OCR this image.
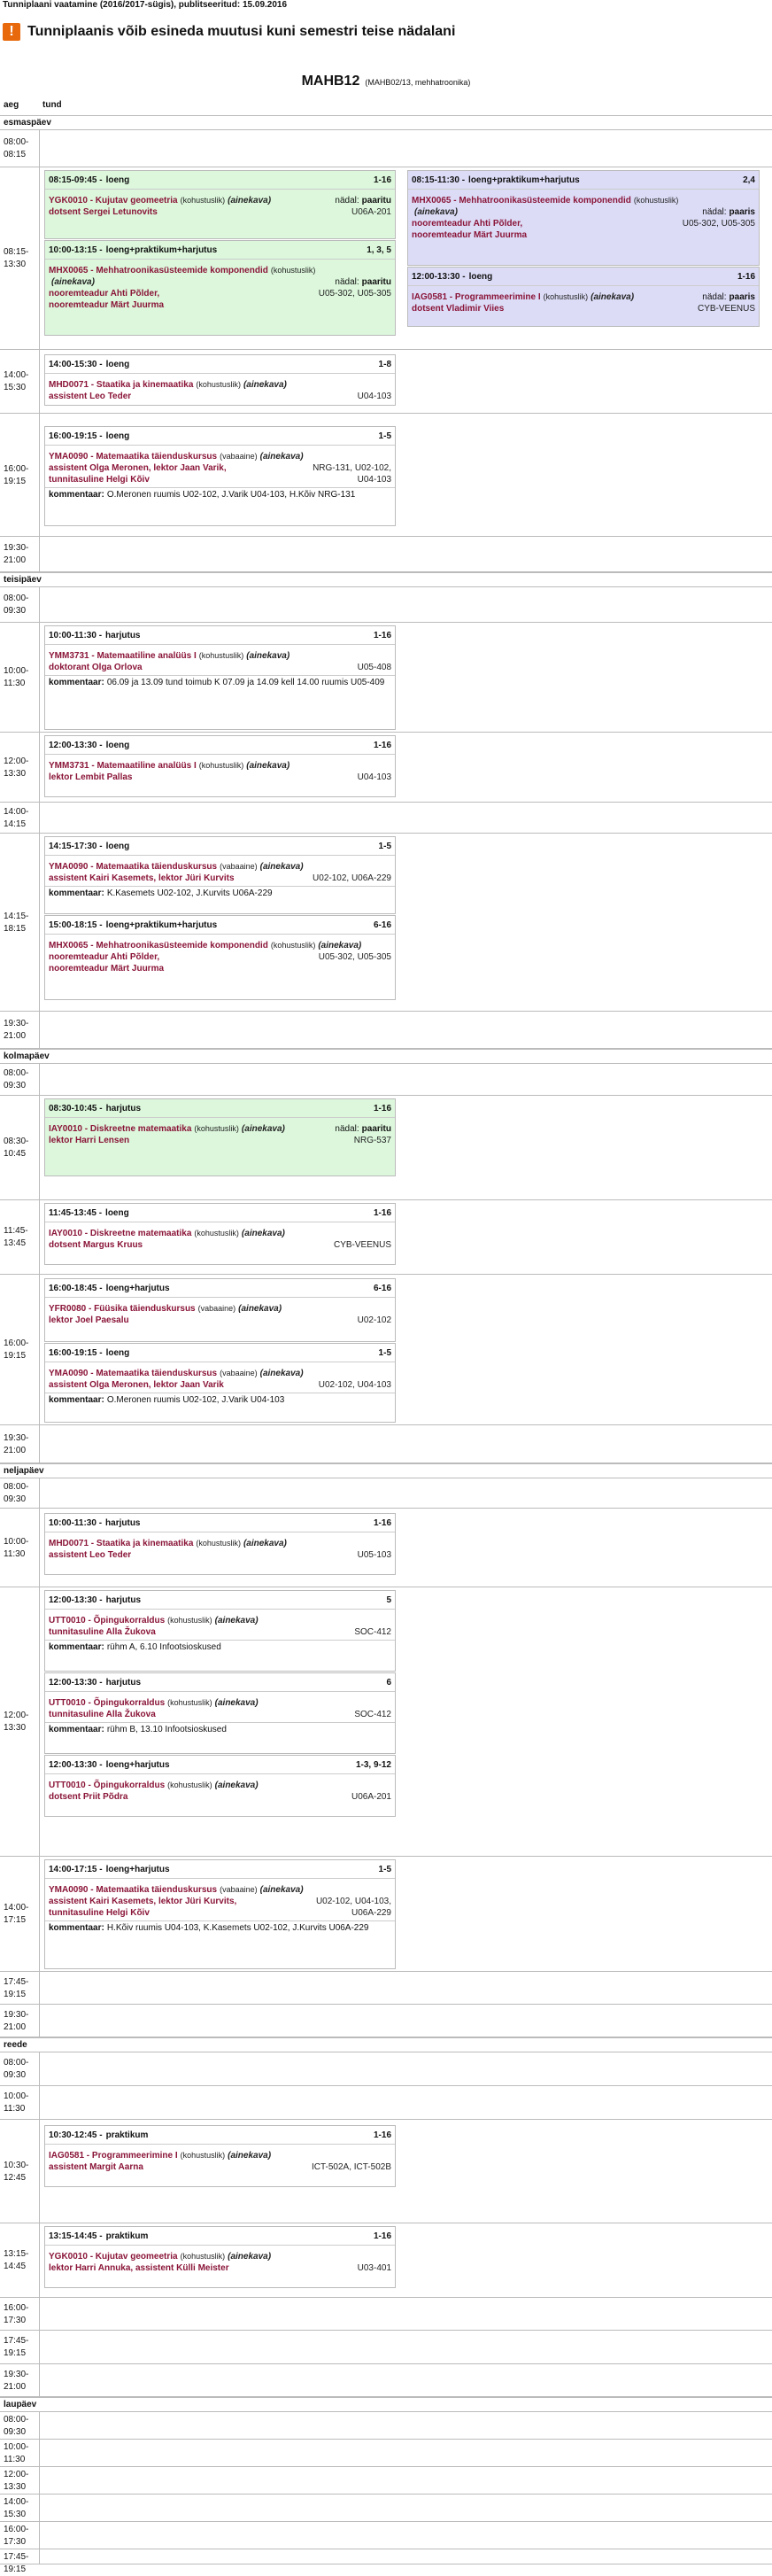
Tunniplaani vaatamine (2016/2017-sügis), publitseeritud: 15.09.2016
! Tunniplaanis võib esineda muutusi kuni semestri teise nädalani
MAHB12 (MAHB02/13, mehhatroonika)
aeg	tund
esmaspäev
08:00-
08:15
08:15-
13:30
08:15-09:45 - loeng	1-16
YGK0010 - Kujutav geomeetria (kohustuslik) (ainekava)	nädal: paaritu
dotsent Sergei Letunovits	U06A-201
10:00-13:15 - loeng+praktikum+harjutus	1, 3, 5
MHX0065 - Mehhatroonikasüsteemide komponendid (kohustuslik)(ainekava)	nädal: paaritu
nooremteadur Ahti Põlder,
nooremteadur Märt Juurma
U05-302, U05-305
08:15-11:30 - loeng+praktikum+harjutus	2,4
MHX0065 - Mehhatroonikasüsteemide komponendid (kohustuslik)(ainekava)	nädal: paaris
nooremteadur Ahti Põlder,
nooremteadur Märt Juurma
U05-302, U05-305
12:00-13:30 - loeng	1-16
IAG0581 - Programmeerimine I (kohustuslik) (ainekava)	nädal: paaris
dotsent Vladimir Viies	CYB-VEENUS
14:00-
15:30
14:00-15:30 - loeng	1-8
MHD0071 - Staatika ja kinemaatika (kohustuslik) (ainekava)
assistent Leo Teder	U04-103
16:00-
19:15
16:00-19:15 - loeng	1-5
YMA0090 - Matemaatika täienduskursus (vabaaine) (ainekava)
assistent Olga Meronen, lektor Jaan Varik,
tunnitasuline Helgi Kõiv
NRG-131, U02-102,
U04-103
kommentaar: O.Meronen ruumis U02-102, J.Varik U04-103, H.Kõiv NRG-131
19:30-
21:00
teisipäev
08:00-
09:30
10:00-
11:30
10:00-11:30 - harjutus	1-16
YMM3731 - Matemaatiline analüüs I (kohustuslik) (ainekava)
doktorant Olga Orlova	U05-408
kommentaar: 06.09 ja 13.09 tund toimub K 07.09 ja 14.09 kell 14.00 ruumis U05-409
12:00-
13:30
12:00-13:30 - loeng	1-16
YMM3731 - Matemaatiline analüüs I (kohustuslik) (ainekava)
lektor Lembit Pallas	U04-103
14:00-
14:15
14:15-
18:15
14:15-17:30 - loeng	1-5
YMA0090 - Matemaatika täienduskursus (vabaaine) (ainekava)
assistent Kairi Kasemets, lektor Jüri Kurvits	U02-102, U06A-229
kommentaar: K.Kasemets U02-102, J.Kurvits U06A-229
15:00-18:15 - loeng+praktikum+harjutus	6-16
MHX0065 - Mehhatroonikasüsteemide komponendid (kohustuslik) (ainekava)
nooremteadur Ahti Põlder,
nooremteadur Märt Juurma
U05-302, U05-305
19:30-
21:00
kolmapäev
08:00-
09:30
08:30-
10:45
08:30-10:45 - harjutus	1-16
IAY0010 - Diskreetne matemaatika (kohustuslik) (ainekava)	nädal: paaritu
lektor Harri Lensen	NRG-537
11:45-
13:45
11:45-13:45 - loeng	1-16
IAY0010 - Diskreetne matemaatika (kohustuslik) (ainekava)
dotsent Margus Kruus	CYB-VEENUS
16:00-
19:15
16:00-18:45 - loeng+harjutus	6-16
YFR0080 - Füüsika täienduskursus (vabaaine) (ainekava)
lektor Joel Paesalu	U02-102
16:00-19:15 - loeng	1-5
YMA0090 - Matemaatika täienduskursus (vabaaine) (ainekava)
assistent Olga Meronen, lektor Jaan Varik	U02-102, U04-103
kommentaar: O.Meronen ruumis U02-102, J.Varik U04-103
19:30-
21:00
neljapäev
08:00-
09:30
10:00-
11:30
10:00-11:30 - harjutus	1-16
MHD0071 - Staatika ja kinemaatika (kohustuslik) (ainekava)
assistent Leo Teder	U05-103
12:00-
13:30
12:00-13:30 - harjutus	5
UTT0010 - Õpingukorraldus (kohustuslik) (ainekava)
tunnitasuline Alla Žukova	SOC-412
kommentaar: rühm A, 6.10 Infootsioskused
12:00-13:30 - harjutus	6
UTT0010 - Õpingukorraldus (kohustuslik) (ainekava)
tunnitasuline Alla Žukova	SOC-412
kommentaar: rühm B, 13.10 Infootsioskused
12:00-13:30 - loeng+harjutus	1-3, 9-12
UTT0010 - Õpingukorraldus (kohustuslik) (ainekava)
dotsent Priit Põdra	U06A-201
14:00-
17:15
14:00-17:15 - loeng+harjutus	1-5
YMA0090 - Matemaatika täienduskursus (vabaaine) (ainekava)
assistent Kairi Kasemets, lektor Jüri Kurvits,
tunnitasuline Helgi Kõiv
U02-102, U04-103,
U06A-229
kommentaar: H.Kõiv ruumis U04-103, K.Kasemets U02-102, J.Kurvits U06A-229
17:45-
19:15
19:30-
21:00
reede
08:00-
09:30
10:00-
11:30
10:30-
12:45
10:30-12:45 - praktikum	1-16
IAG0581 - Programmeerimine I (kohustuslik) (ainekava)
assistent Margit Aarna	ICT-502A, ICT-502B
13:15-
14:45
13:15-14:45 - praktikum	1-16
YGK0010 - Kujutav geomeetria (kohustuslik) (ainekava)
lektor Harri Annuka, assistent Külli Meister	U03-401
16:00-
17:30
17:45-
19:15
19:30-
21:00
laupäev
08:00-
09:30
10:00-
11:30
12:00-
13:30
14:00-
15:30
16:00-
17:30
17:45-
19:15
